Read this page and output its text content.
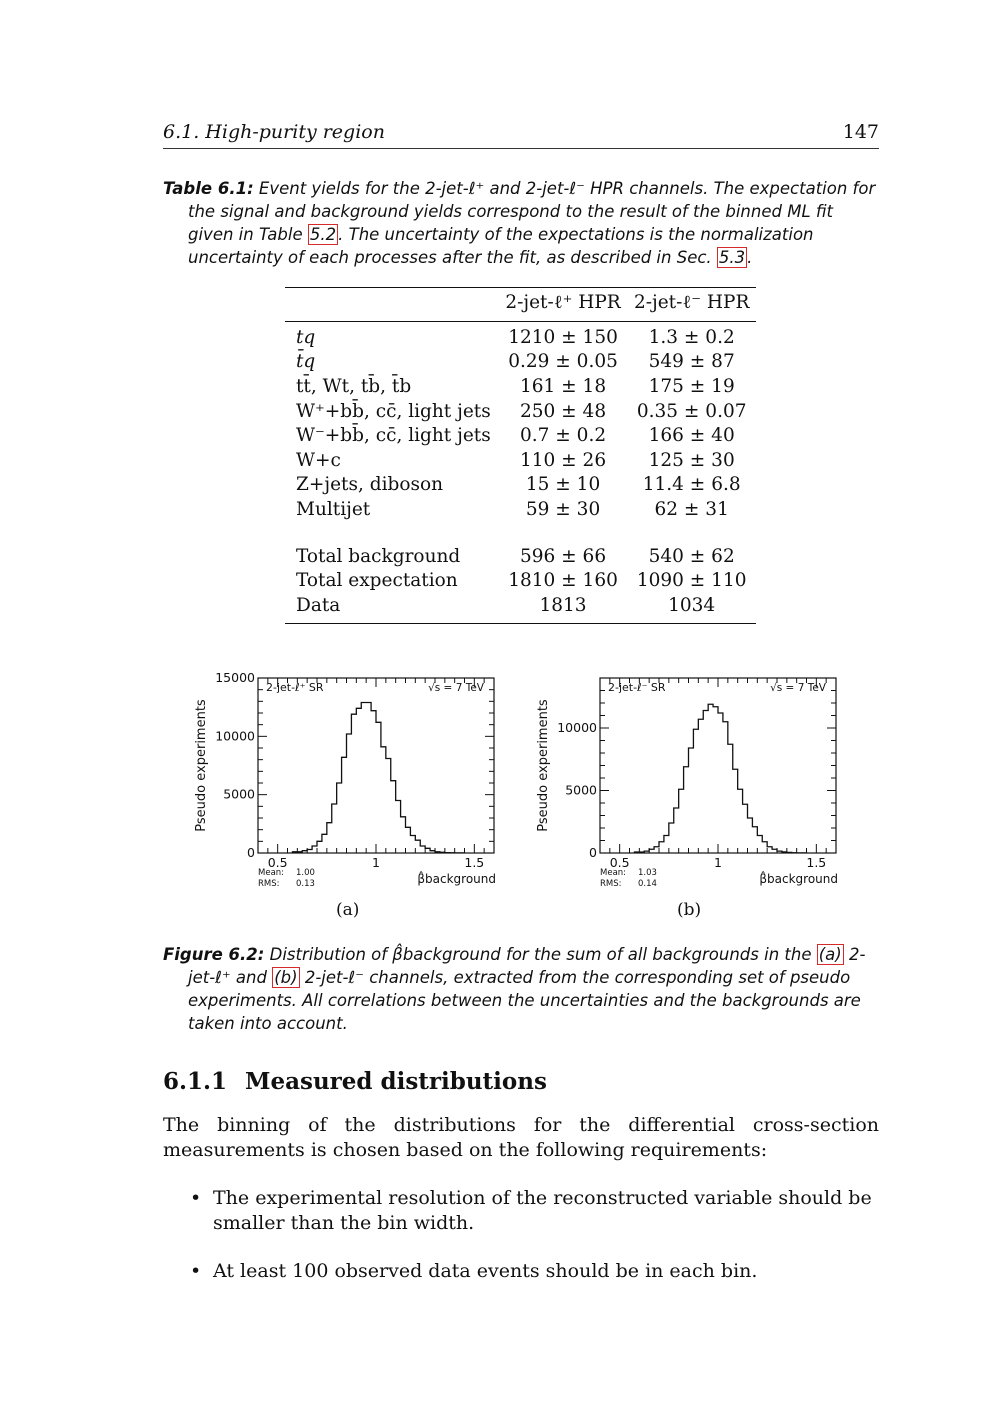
6.1. High-purity region	147
Table 6.1: Event yields for the 2-jet-ℓ⁺ and 2-jet-ℓ⁻ HPR channels. The expectation for the signal and background yields correspond to the result of the binned ML fit given in Table 5.2 . The uncertainty of the expectations is the normalization uncertainty of each processes after the fit, as described in Sec. 5.3 .
	2-jet-ℓ⁺ HPR	2-jet-ℓ⁻ HPR
tq	1210 ± 150	1.3 ± 0.2
t̄q	0.29 ± 0.05	549 ± 87
tt̄, Wt, tb̄, t̄b	161 ± 18	175 ± 19
W⁺+bb̄, cc̄, light jets	250 ± 48	0.35 ± 0.07
W⁻+bb̄, cc̄, light jets	0.7 ± 0.2	166 ± 40
W+c	110 ± 26	125 ± 30
Z+jets, diboson	15 ± 10	11.4 ± 6.8
Multijet	59 ± 30	62 ± 31

Total background	596 ± 66	540 ± 62
Total expectation	1810 ± 160	1090 ± 110
Data	1813	1034
0
5000
10000
15000
0.5	1	1.5
Pseudo experiments
β̂background
Mean: 1.00
RMS: 0.13
2-jet-ℓ⁺ SR	√s = 7 TeV
(a)
0
5000
10000
0.5	1	1.5
Pseudo experiments
β̂background
Mean: 1.03
RMS: 0.14
2-jet-ℓ⁻ SR	√s = 7 TeV
(b)
Figure 6.2: Distribution of β̂background for the sum of all backgrounds in the (a) 2-jet-ℓ⁺ and (b) 2-jet-ℓ⁻ channels, extracted from the corresponding set of pseudo experiments. All correlations between the uncertainties and the backgrounds are taken into account.
6.1.1 Measured distributions
The binning of the distributions for the differential cross-section measurements is chosen based on the following requirements:
• The experimental resolution of the reconstructed variable should be smaller than the bin width.
• At least 100 observed data events should be in each bin.
